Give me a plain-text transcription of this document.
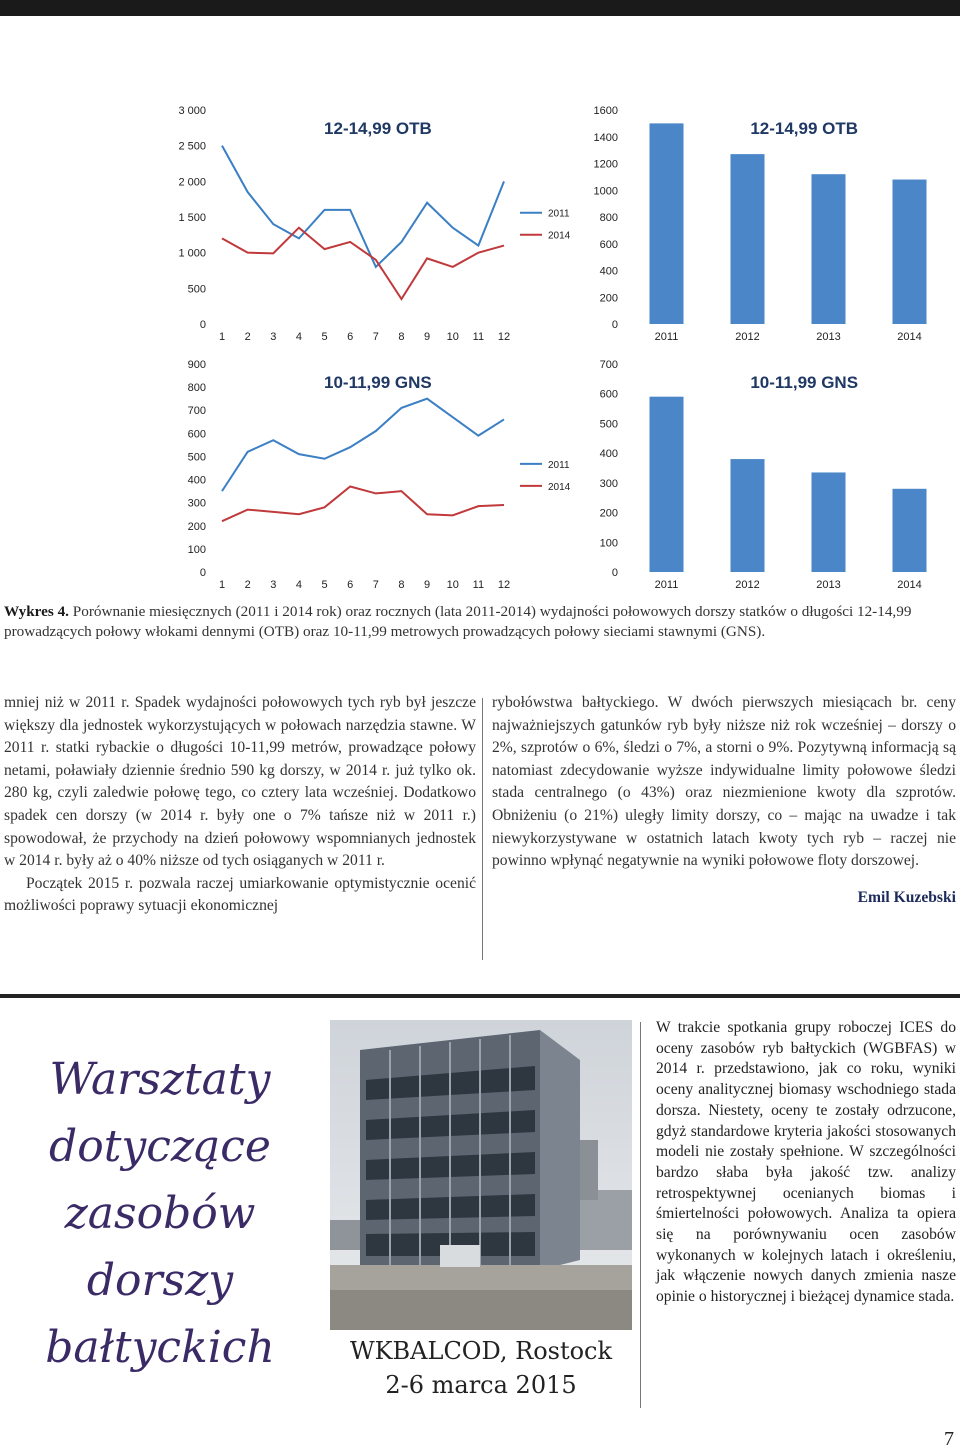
0
500
1 000
1 500
2 000
2 500
3 000
12-14,99 OTB
1 2 3 4 5 6 7 8 9 10 11 12
2011
2014
0
200
400
600
800
1000
1200
1400
1600
12-14,99 OTB
2011	2012	2013	2014
0
100
200
300
400
500
600
700
800
900
10-11,99 GNS
1 2 3 4 5 6 7 8 9 10 11 12
2011
2014
0
100
200
300
400
500
600
700
10-11,99 GNS
2011	2012	2013	2014
Wykres 4. Porównanie miesięcznych (2011 i 2014 rok) oraz rocznych (lata 2011-2014) wydajności połowowych dorszy statków o długości 12-14,99 prowadzących połowy włokami dennymi (OTB) oraz 10-11,99 metrowych prowadzących połowy sieciami stawnymi (GNS).

mniej niż w 2011 r. Spadek wydajności połowowych tych ryb był jeszcze większy dla jednostek wykorzystujących w połowach narzędzia stawne. W 2011 r. statki rybackie o długości 10-11,99 metrów, prowadzące połowy netami, poławiały dziennie średnio 590 kg dorszy, w 2014 r. już tylko ok. 280 kg, czyli zaledwie połowę tego, co cztery lata wcześniej. Dodatkowo spadek cen dorszy (w 2014 r. były one o 7% tańsze niż w 2011 r.) spowodował, że przychody na dzień połowowy wspomnianych jednostek w 2014 r. były aż o 40% niższe od tych osiąganych w 2011 r.

Początek 2015 r. pozwala raczej umiarkowanie optymistycznie ocenić możliwości poprawy sytuacji ekonomicznej

rybołówstwa bałtyckiego. W dwóch pierwszych miesiącach br. ceny najważniejszych gatunków ryb były niższe niż rok wcześniej – dorszy o 2%, szprotów o 6%, śledzi o 7%, a storni o 9%. Pozytywną informacją są natomiast zdecydowanie wyższe indywidualne limity połowowe śledzi stada centralnego (o 43%) oraz niezmienione kwoty dla szprotów. Obniżeniu (o 21%) uległy limity dorszy, co – mając na uwadze i tak niewykorzystywane w ostatnich latach kwoty tych ryb – raczej nie powinno wpłynąć negatywnie na wyniki połowowe floty dorszowej.

Emil Kuzebski
Warsztaty
dotyczące
zasobów
dorszy
bałtyckich	WKBALCOD, Rostock
2-6 marca 2015
W trakcie spotkania grupy roboczej ICES do oceny zasobów ryb bałtyckich (WGBFAS) w 2014 r. przedstawiono, jak co roku, wyniki oceny analitycznej biomasy wschodniego stada dorsza. Niestety, oceny te zostały odrzucone, gdyż standardowe kryteria jakości stosowanych modeli nie zostały spełnione. W szczególności bardzo słaba była jakość tzw. analizy retrospektywnej ocenianych biomas i śmiertelności połowowych. Analiza ta opiera się na porównywaniu ocen zasobów wykonanych w kolejnych latach i określeniu, jak włączenie nowych danych zmienia nasze opinie o historycznej i bieżącej dynamice stada.
7
